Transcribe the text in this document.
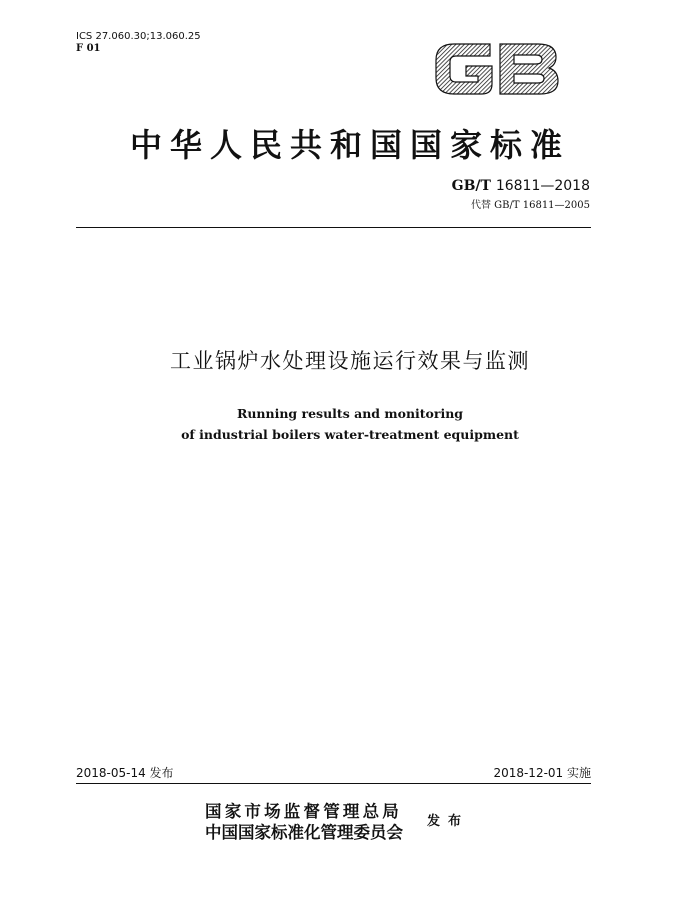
ICS 27.060.30;13.060.25
F 01
中华人民共和国国家标准
GB/T 16811—2018
代替 GB/T 16811—2005
工业锅炉水处理设施运行效果与监测
Running results and monitoring
of industrial boilers water-treatment equipment
2018-05-14 发布	2018-12-01 实施
国家市场监督管理总局
中国国家标准化管理委员会
发布
